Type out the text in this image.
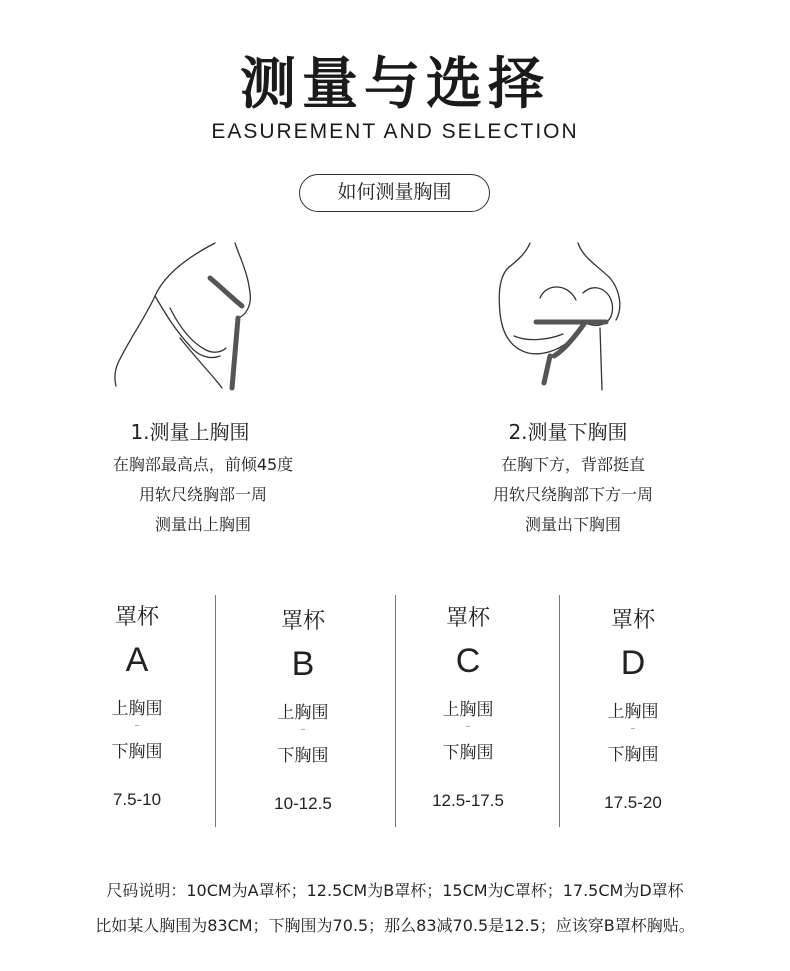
测量与选择
EASUREMENT AND SELECTION
如何测量胸围
1.测量上胸围
在胸部最高点，前倾45度
用软尺绕胸部一周
测量出上胸围
2.测量下胸围
在胸下方，背部挺直
用软尺绕胸部下方一周
测量出下胸围
罩杯
A
上胸围
–
下胸围
7.5-10
罩杯
B
上胸围
–
下胸围
10-12.5
罩杯
C
上胸围
–
下胸围
12.5-17.5
罩杯
D
上胸围
–
下胸围
17.5-20
尺码说明：10CM为A罩杯；12.5CM为B罩杯；15CM为C罩杯；17.5CM为D罩杯
比如某人胸围为83CM；下胸围为70.5；那么83减70.5是12.5；应该穿B罩杯胸贴。
